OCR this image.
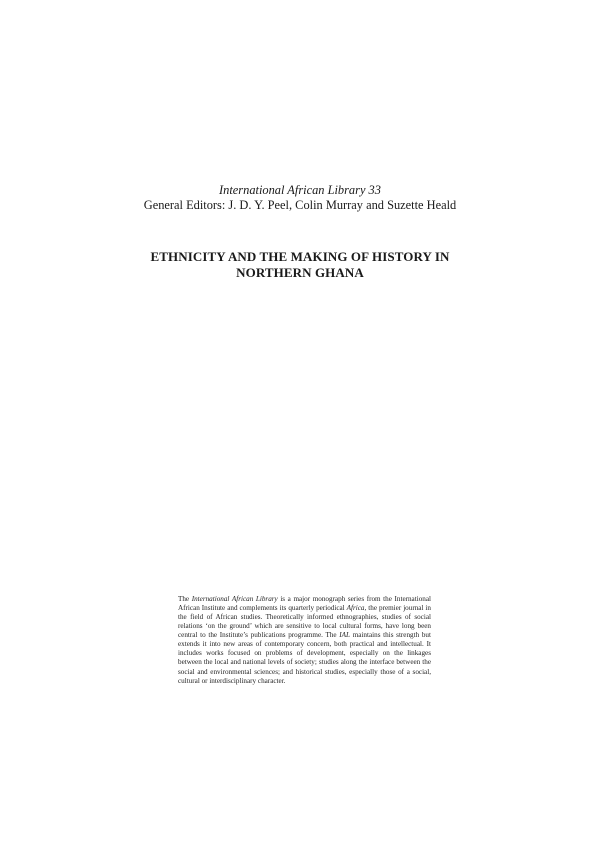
International African Library 33
General Editors: J. D. Y. Peel, Colin Murray and Suzette Heald
ETHNICITY AND THE MAKING OF HISTORY IN
NORTHERN GHANA

The International African Library is a major monograph series from the International African Institute and complements its quarterly periodical Africa, the premier journal in the field of African studies. Theoretically informed ethnographies, studies of social relations ‘on the ground’ which are sensitive to local cultural forms, have long been central to the Institute’s publications programme. The IAL maintains this strength but extends it into new areas of contemporary concern, both practical and intellectual. It includes works focused on problems of development, especially on the linkages between the local and national levels of society; studies along the interface between the social and environmental sciences; and historical studies, especially those of a social, cultural or interdisciplinary character.
